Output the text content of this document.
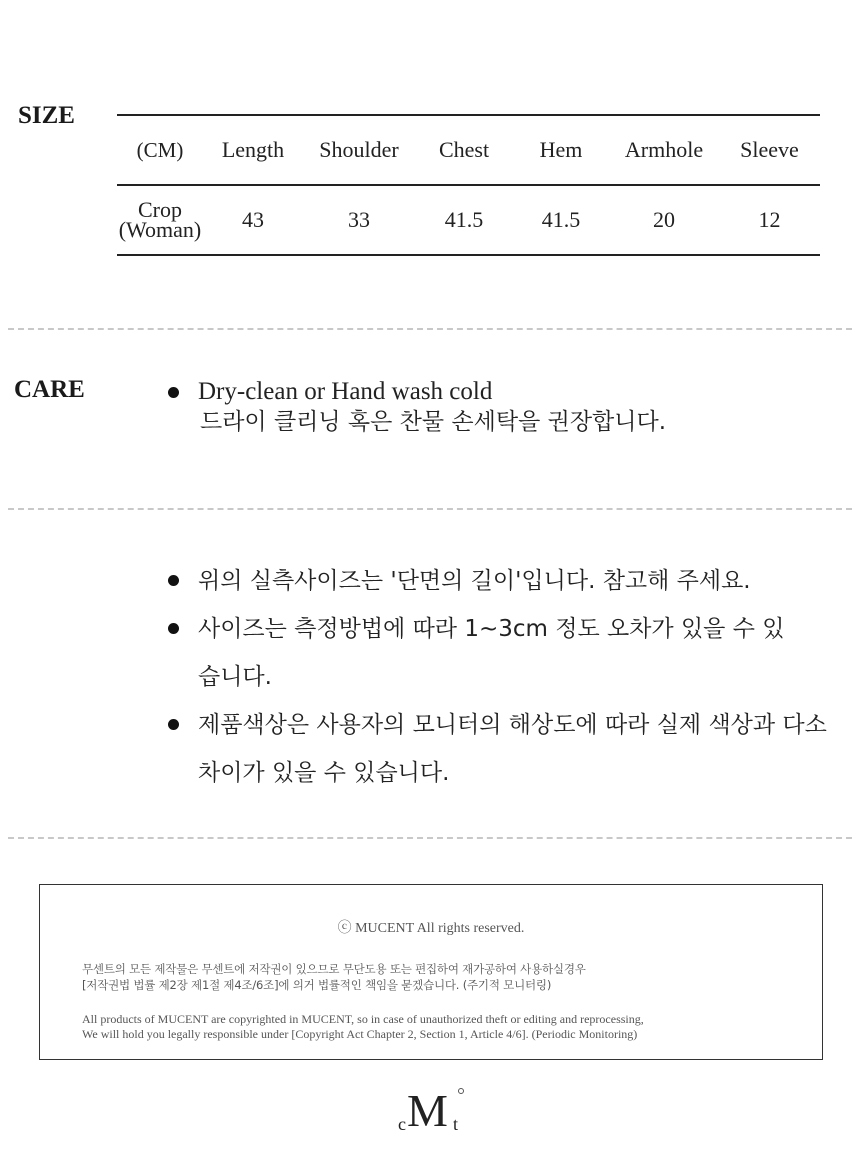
SIZE
(CM)	Length	Shoulder	Chest	Hem	Armhole	Sleeve

Crop
(Woman)	43	33	41.5	41.5	20	12
CARE	Dry-clean or Hand wash cold
드라이 클리닝 혹은 찬물 손세탁을 권장합니다.

위의 실측사이즈는 '단면의 길이'입니다. 참고해 주세요.

사이즈는 측정방법에 따라 1~3cm 정도 오차가 있을 수 있습니다.

제품색상은 사용자의 모니터의 해상도에 따라 실제 색상과 다소 차이가 있을 수 있습니다.

ⓒ MUCENT All rights reserved.
무센트의 모든 제작물은 무센트에 저작권이 있으므로 무단도용 또는 편집하여 재가공하여 사용하실경우
[저작권법 법률 제2장 제1절 제4조/6조]에 의거 법률적인 책임을 묻겠습니다. (주기적 모니터링)
All products of MUCENT are copyrighted in MUCENT, so in case of unauthorized theft or editing and reprocessing,
We will hold you legally responsible under [Copyright Act Chapter 2, Section 1, Article 4/6]. (Periodic Monitoring)
c M t
